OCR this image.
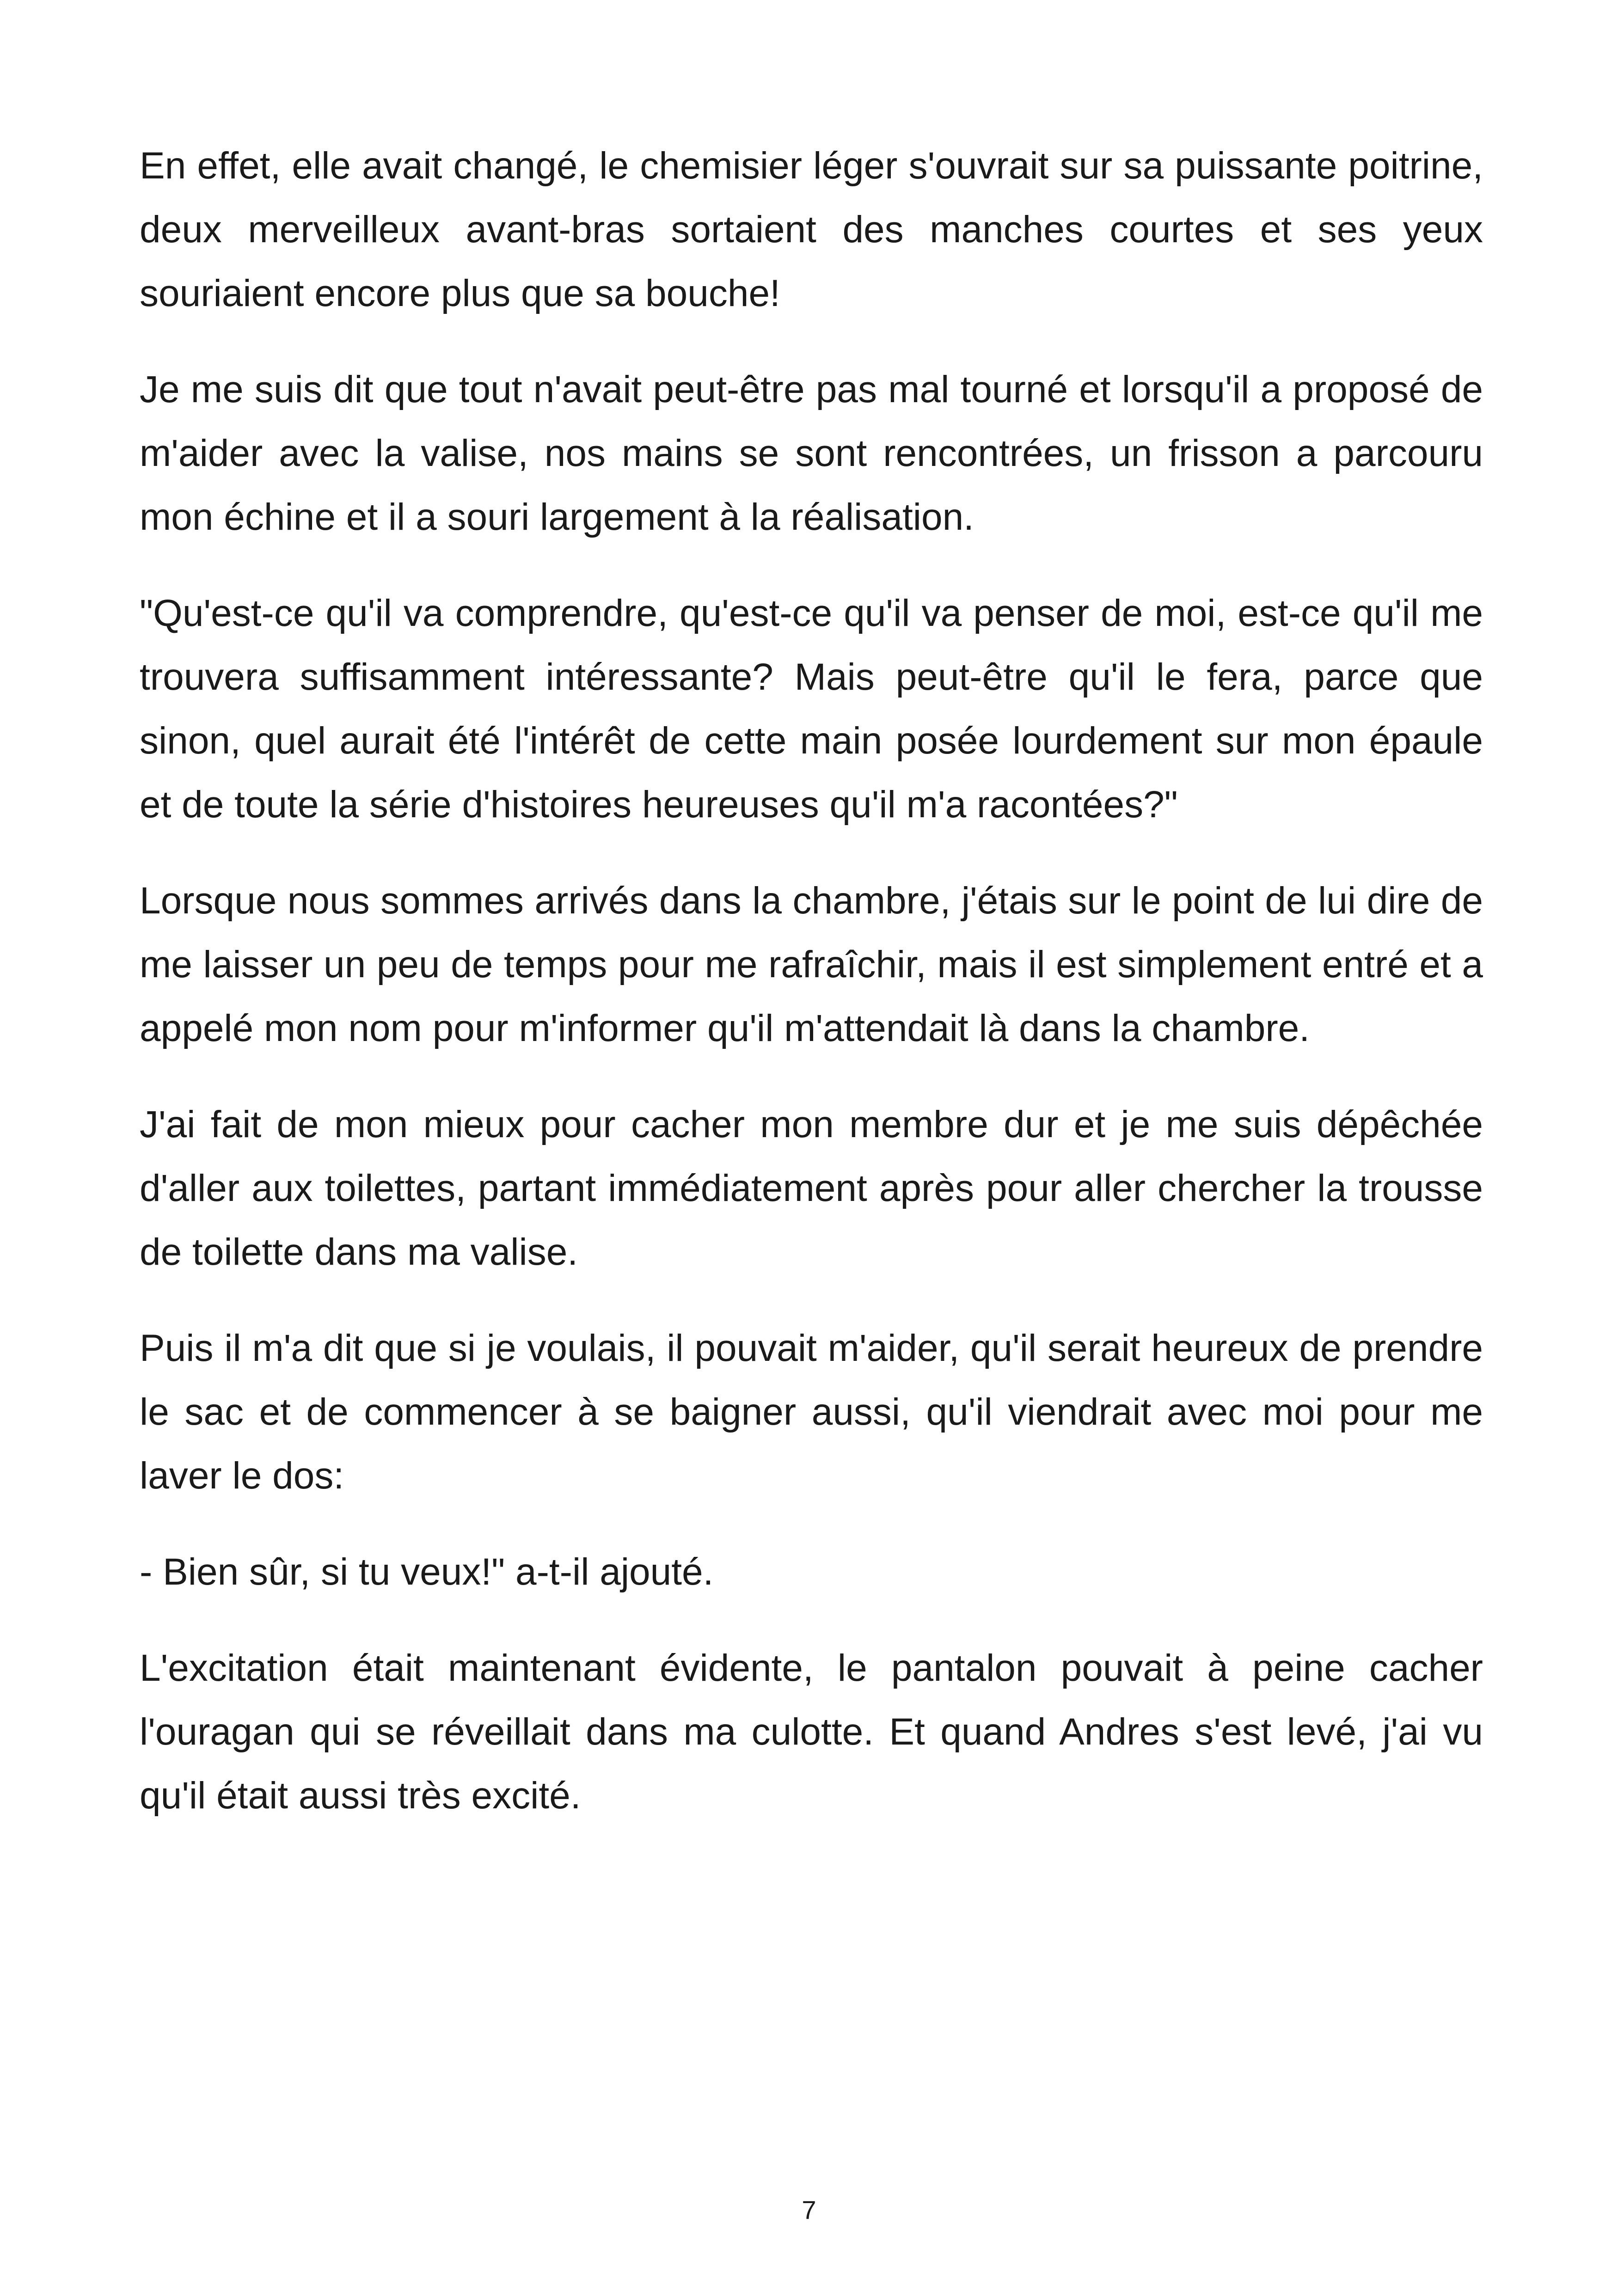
En effet, elle avait changé, le chemisier léger s'ouvrait sur sa puissante poitrine, deux merveilleux avant-bras sortaient des manches courtes et ses yeux souriaient encore plus que sa bouche!

Je me suis dit que tout n'avait peut-être pas mal tourné et lorsqu'il a proposé de m'aider avec la valise, nos mains se sont rencontrées, un frisson a parcouru mon échine et il a souri largement à la réalisation.

"Qu'est-ce qu'il va comprendre, qu'est-ce qu'il va penser de moi, est-ce qu'il me trouvera suffisamment intéressante? Mais peut-être qu'il le fera, parce que sinon, quel aurait été l'intérêt de cette main posée lourdement sur mon épaule et de toute la série d'histoires heureuses qu'il m'a racontées?"

Lorsque nous sommes arrivés dans la chambre, j'étais sur le point de lui dire de me laisser un peu de temps pour me rafraîchir, mais il est simplement entré et a appelé mon nom pour m'informer qu'il m'attendait là dans la chambre.

J'ai fait de mon mieux pour cacher mon membre dur et je me suis dépêchée d'aller aux toilettes, partant immédiatement après pour aller chercher la trousse de toilette dans ma valise.

Puis il m'a dit que si je voulais, il pouvait m'aider, qu'il serait heureux de prendre le sac et de commencer à se baigner aussi, qu'il viendrait avec moi pour me laver le dos:

- Bien sûr, si tu veux!" a-t-il ajouté.

L'excitation était maintenant évidente, le pantalon pouvait à peine cacher l'ouragan qui se réveillait dans ma culotte. Et quand Andres s'est levé, j'ai vu qu'il était aussi très excité.

7
